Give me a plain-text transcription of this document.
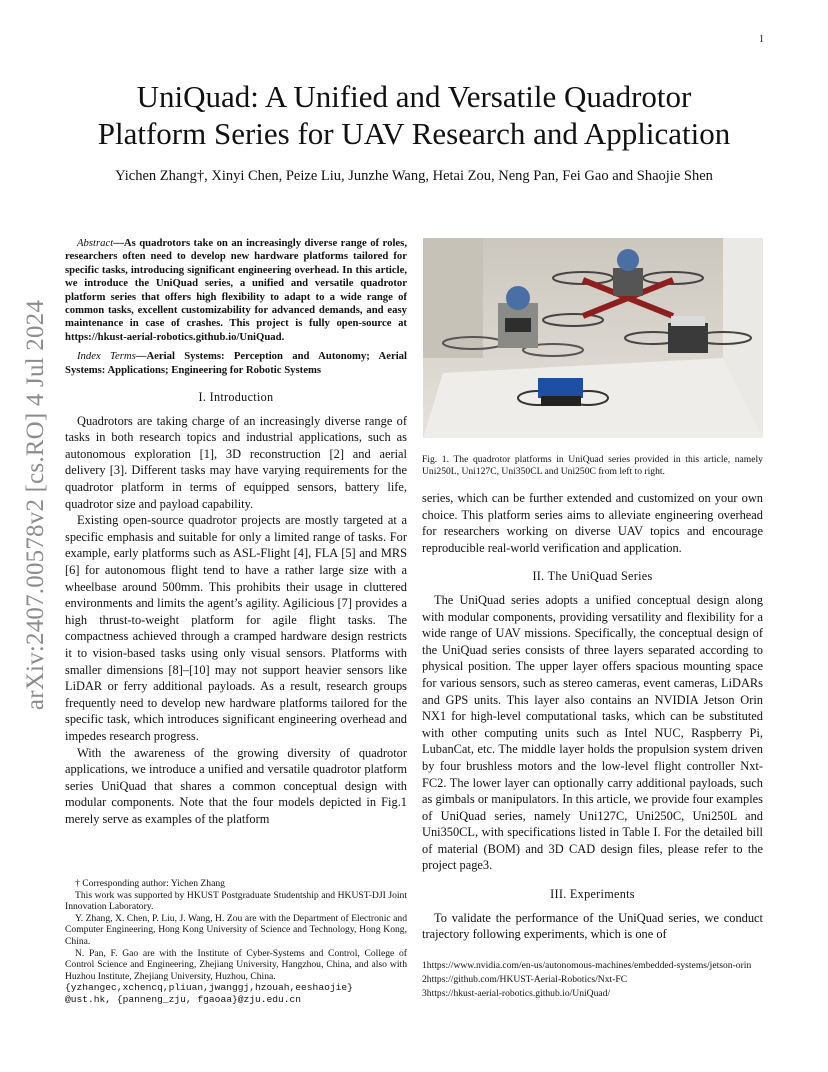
1
arXiv:2407.00578v2 [cs.RO] 4 Jul 2024
UniQuad: A Unified and Versatile Quadrotor
Platform Series for UAV Research and Application
Yichen Zhang†, Xinyi Chen, Peize Liu, Junzhe Wang, Hetai Zou, Neng Pan, Fei Gao and Shaojie Shen

Abstract—As quadrotors take on an increasingly diverse range of roles, researchers often need to develop new hardware platforms tailored for specific tasks, introducing significant engineering overhead. In this article, we introduce the UniQuad series, a unified and versatile quadrotor platform series that offers high flexibility to adapt to a wide range of common tasks, excellent customizability for advanced demands, and easy maintenance in case of crashes. This project is fully open-source at https://hkust-aerial-robotics.github.io/UniQuad.

Index Terms—Aerial Systems: Perception and Autonomy; Aerial Systems: Applications; Engineering for Robotic Systems

I. Introduction

Quadrotors are taking charge of an increasingly diverse range of tasks in both research topics and industrial applications, such as autonomous exploration [1], 3D reconstruction [2] and aerial delivery [3]. Different tasks may have varying requirements for the quadrotor platform in terms of equipped sensors, battery life, quadrotor size and payload capability.

Existing open-source quadrotor projects are mostly targeted at a specific emphasis and suitable for only a limited range of tasks. For example, early platforms such as ASL-Flight [4], FLA [5] and MRS [6] for autonomous flight tend to have a rather large size with a wheelbase around 500mm. This prohibits their usage in cluttered environments and limits the agent’s agility. Agilicious [7] provides a high thrust-to-weight platform for agile flight tasks. The compactness achieved through a cramped hardware design restricts it to vision-based tasks using only visual sensors. Platforms with smaller dimensions [8]–[10] may not support heavier sensors like LiDAR or ferry additional payloads. As a result, research groups frequently need to develop new hardware platforms tailored for the specific task, which introduces significant engineering overhead and impedes research progress.

With the awareness of the growing diversity of quadrotor applications, we introduce a unified and versatile quadrotor platform series UniQuad that shares a common conceptual design with modular components. Note that the four models depicted in Fig.1 merely serve as examples of the platform

† Corresponding author: Yichen Zhang
This work was supported by HKUST Postgraduate Studentship and HKUST-DJI Joint Innovation Laboratory.
Y. Zhang, X. Chen, P. Liu, J. Wang, H. Zou are with the Department of Electronic and Computer Engineering, Hong Kong University of Science and Technology, Hong Kong, China.
N. Pan, F. Gao are with the Institute of Cyber-Systems and Control, College of Control Science and Engineering, Zhejiang University, Hangzhou, China, and also with Huzhou Institute, Zhejiang University, Huzhou, China.
{yzhangec,xchencq,pliuan,jwanggj,hzouah,eeshaojie}
@ust.hk, {panneng_zju, fgaoaa}@zju.edu.cn
Fig. 1. The quadrotor platforms in UniQuad series provided in this article, namely Uni250L, Uni127C, Uni350CL and Uni250C from left to right.

series, which can be further extended and customized on your own choice. This platform series aims to alleviate engineering overhead for researchers working on diverse UAV topics and encourage reproducible real-world verification and application.

II. The UniQuad Series

The UniQuad series adopts a unified conceptual design along with modular components, providing versatility and flexibility for a wide range of UAV missions. Specifically, the conceptual design of the UniQuad series consists of three layers separated according to physical position. The upper layer offers spacious mounting space for various sensors, such as stereo cameras, event cameras, LiDARs and GPS units. This layer also contains an NVIDIA Jetson Orin NX1 for high-level computational tasks, which can be substituted with other computing units such as Intel NUC, Raspberry Pi, LubanCat, etc. The middle layer holds the propulsion system driven by four brushless motors and the low-level flight controller Nxt-FC2. The lower layer can optionally carry additional payloads, such as gimbals or manipulators. In this article, we provide four examples of UniQuad series, namely Uni127C, Uni250C, Uni250L and Uni350CL, with specifications listed in Table I. For the detailed bill of material (BOM) and 3D CAD design files, please refer to the project page3.

III. Experiments

To validate the performance of the UniQuad series, we conduct trajectory following experiments, which is one of

1https://www.nvidia.com/en-us/autonomous-machines/embedded-systems/jetson-orin
2https://github.com/HKUST-Aerial-Robotics/Nxt-FC
3https://hkust-aerial-robotics.github.io/UniQuad/
